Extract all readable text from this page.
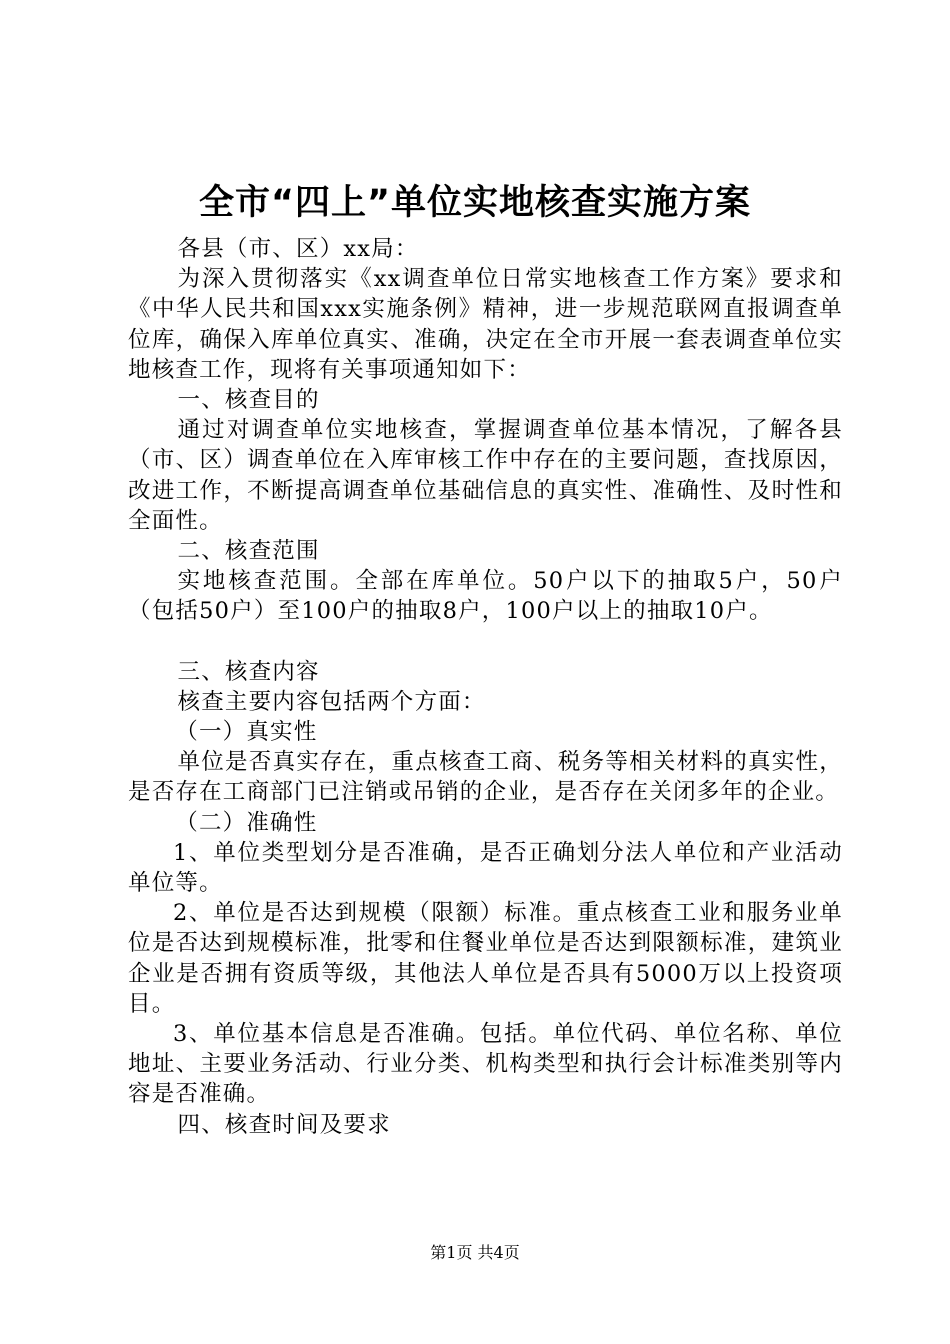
全市“四上”单位实地核查实施方案

各县（市、区）xx局：

为深入贯彻落实《xx调查单位日常实地核查工作方案》要求和《中华人民共和国xxx实施条例》精神，进一步规范联网直报调查单位库，确保入库单位真实、准确，决定在全市开展一套表调查单位实地核查工作，现将有关事项通知如下：

一、核查目的

通过对调查单位实地核查，掌握调查单位基本情况，了解各县（市、区）调查单位在入库审核工作中存在的主要问题，查找原因，改进工作，不断提高调查单位基础信息的真实性、准确性、及时性和全面性。

二、核查范围

实地核查范围。全部在库单位。50户以下的抽取5户，50户（包括50户）至100户的抽取8户，100户以上的抽取10户。

三、核查内容

核查主要内容包括两个方面：

（一）真实性

单位是否真实存在，重点核查工商、税务等相关材料的真实性，是否存在工商部门已注销或吊销的企业，是否存在关闭多年的企业。

（二）准确性

1、单位类型划分是否准确，是否正确划分法人单位和产业活动单位等。

2、单位是否达到规模（限额）标准。重点核查工业和服务业单位是否达到规模标准，批零和住餐业单位是否达到限额标准，建筑业企业是否拥有资质等级，其他法人单位是否具有5000万以上投资项目。

3、单位基本信息是否准确。包括。单位代码、单位名称、单位地址、主要业务活动、行业分类、机构类型和执行会计标准类别等内容是否准确。

四、核查时间及要求

第1页 共4页
